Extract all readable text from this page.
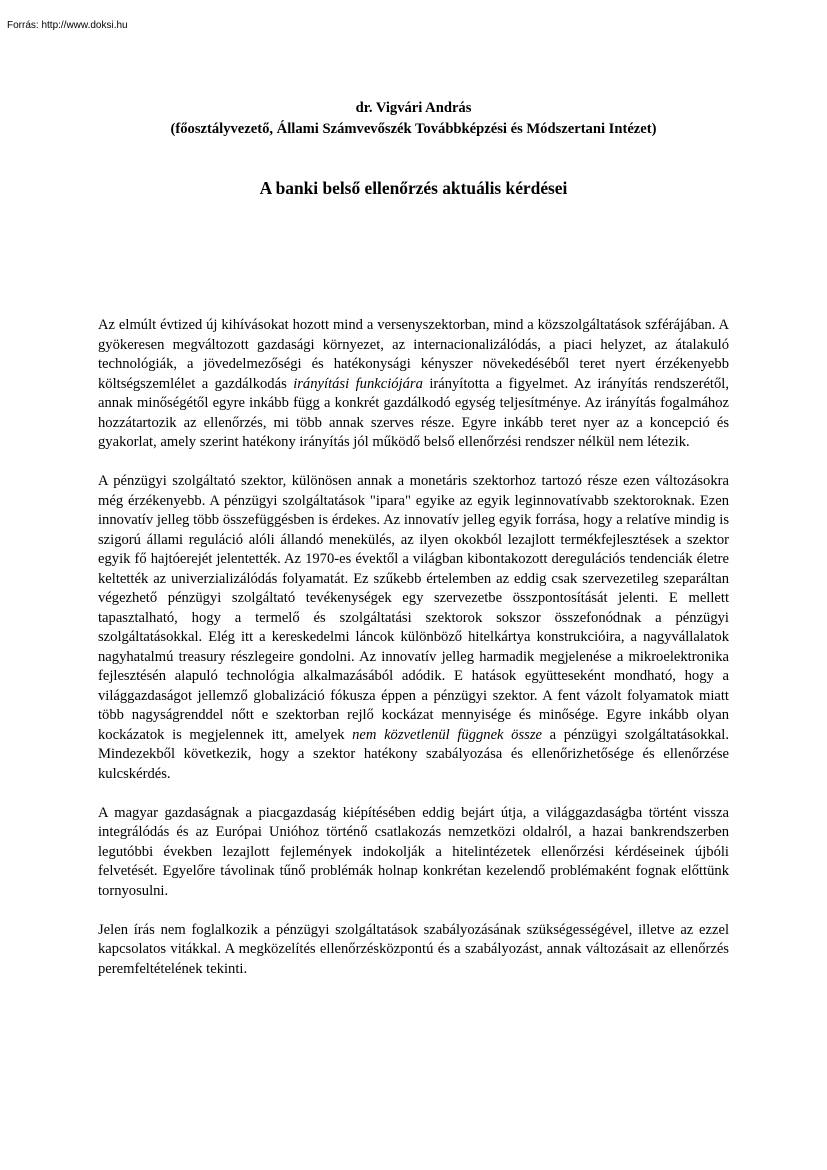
Forrás: http://www.doksi.hu
dr. Vigvári András
(főosztályvezető, Állami Számvevőszék Továbbképzési és Módszertani Intézet)
A banki belső ellenőrzés aktuális kérdései

Az elmúlt évtized új kihívásokat hozott mind a versenyszektorban, mind a közszolgáltatások szférájában. A gyökeresen megváltozott gazdasági környezet, az internacionalizálódás, a piaci helyzet, az átalakuló technológiák, a jövedelmezőségi és hatékonysági kényszer növekedéséből teret nyert érzékenyebb költségszemlélet a gazdálkodás irányítási funkciójára irányította a figyelmet. Az irányítás rendszerétől, annak minőségétől egyre inkább függ a konkrét gazdálkodó egység teljesítménye. Az irányítás fogalmához hozzátartozik az ellenőrzés, mi több annak szerves része. Egyre inkább teret nyer az a koncepció és gyakorlat, amely szerint hatékony irányítás jól működő belső ellenőrzési rendszer nélkül nem létezik.

A pénzügyi szolgáltató szektor, különösen annak a monetáris szektorhoz tartozó része ezen változásokra még érzékenyebb. A pénzügyi szolgáltatások "ipara" egyike az egyik leginnovatívabb szektoroknak. Ezen innovatív jelleg több összefüggésben is érdekes. Az innovatív jelleg egyik forrása, hogy a relatíve mindig is szigorú állami reguláció alóli állandó menekülés, az ilyen okokból lezajlott termékfejlesztések a szektor egyik fő hajtóerejét jelentették. Az 1970-es évektől a világban kibontakozott deregulációs tendenciák életre keltették az univerzializálódás folyamatát. Ez szűkebb értelemben az eddig csak szervezetileg szeparáltan végezhető pénzügyi szolgáltató tevékenységek egy szervezetbe összpontosítását jelenti. E mellett tapasztalható, hogy a termelő és szolgáltatási szektorok sokszor összefonódnak a pénzügyi szolgáltatásokkal. Elég itt a kereskedelmi láncok különböző hitelkártya konstrukcióira, a nagyvállalatok nagyhatalmú treasury részlegeire gondolni. Az innovatív jelleg harmadik megjelenése a mikroelektronika fejlesztésén alapuló technológia alkalmazásából adódik. E hatások együtteseként mondható, hogy a világgazdaságot jellemző globalizáció fókusza éppen a pénzügyi szektor. A fent vázolt folyamatok miatt több nagyságrenddel nőtt e szektorban rejlő kockázat mennyisége és minősége. Egyre inkább olyan kockázatok is megjelennek itt, amelyek nem közvetlenül függnek össze a pénzügyi szolgáltatásokkal. Mindezekből következik, hogy a szektor hatékony szabályozása és ellenőrizhetősége és ellenőrzése kulcskérdés.

A magyar gazdaságnak a piacgazdaság kiépítésében eddig bejárt útja, a világgazdaságba történt vissza integrálódás és az Európai Unióhoz történő csatlakozás nemzetközi oldalról, a hazai bankrendszerben legutóbbi években lezajlott fejlemények indokolják a hitelintézetek ellenőrzési kérdéseinek újbóli felvetését. Egyelőre távolinak tűnő problémák holnap konkrétan kezelendő problémaként fognak előttünk tornyosulni.

Jelen írás nem foglalkozik a pénzügyi szolgáltatások szabályozásának szükségességével, illetve az ezzel kapcsolatos vitákkal. A megközelítés ellenőrzésközpontú és a szabályozást, annak változásait az ellenőrzés peremfeltételének tekinti.
